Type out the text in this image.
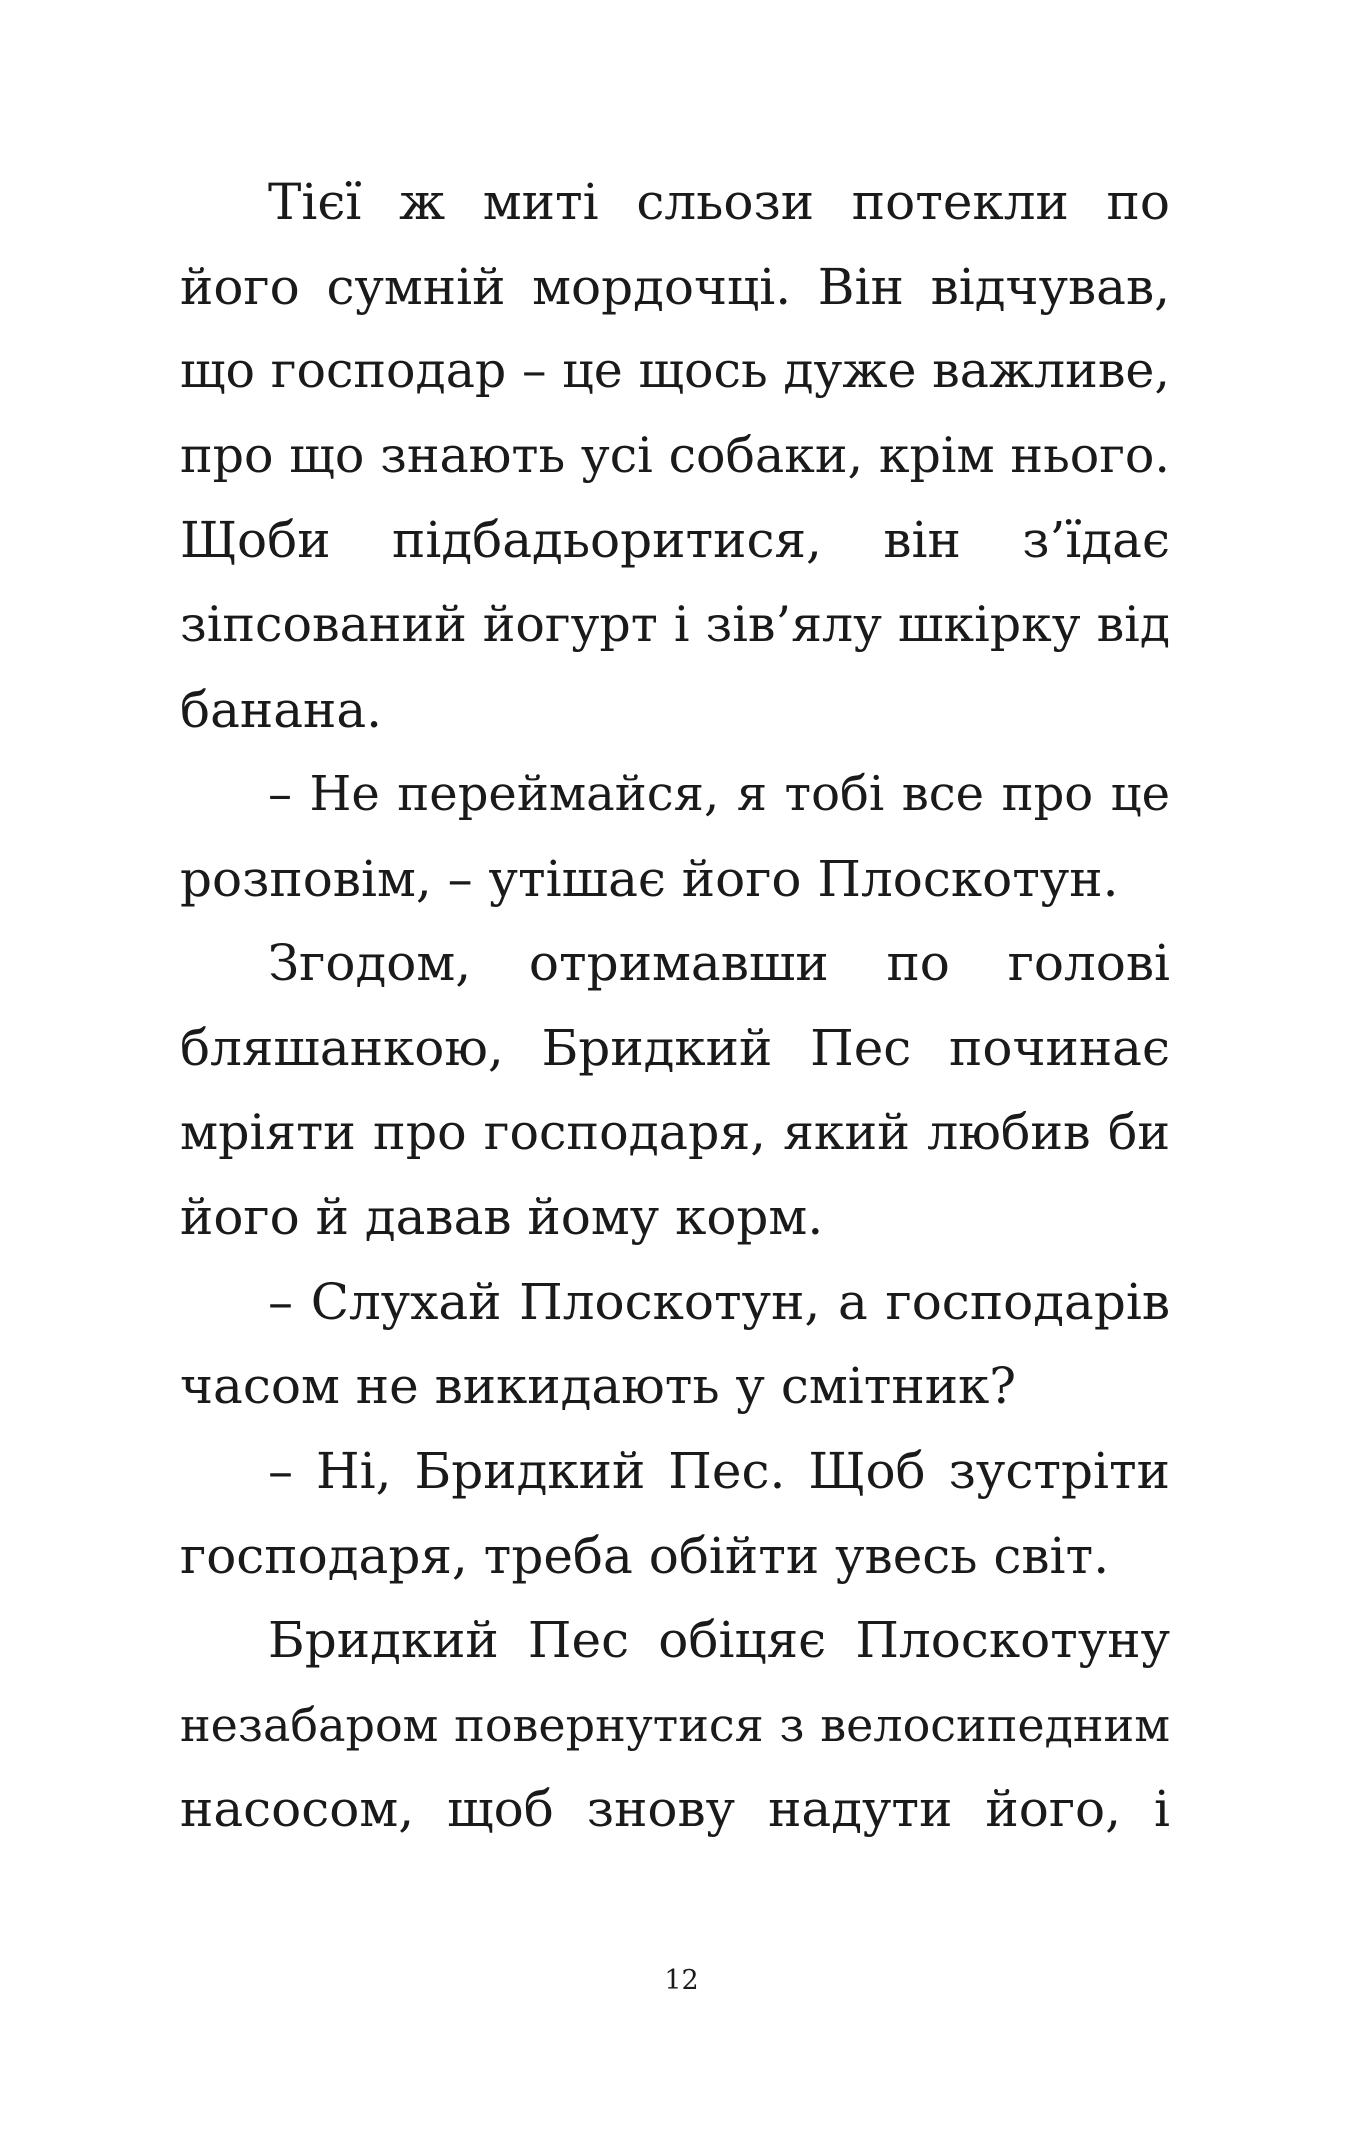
Тієї ж миті сльози потекли по
його сумній мордочці. Він відчував,
що господар – це щось дуже важливе,
про що знають усі собаки, крім нього.
Щоби підбадьоритися, він з’їдає
зіпсований йогурт і зів’ялу шкірку від
банана.
– Не переймайся, я тобі все про це
розповім, – утішає його Плоскотун.
Згодом, отримавши по голові
бляшанкою, Бридкий Пес починає
мріяти про господаря, який любив би
його й давав йому корм.
– Слухай Плоскотун, а господарів
часом не викидають у смітник?
– Ні, Бридкий Пес. Щоб зустріти
господаря, треба обійти увесь світ.
Бридкий Пес обіцяє Плоскотуну
незабаром повернутися з велосипедним
насосом, щоб знову надути його, і
12
